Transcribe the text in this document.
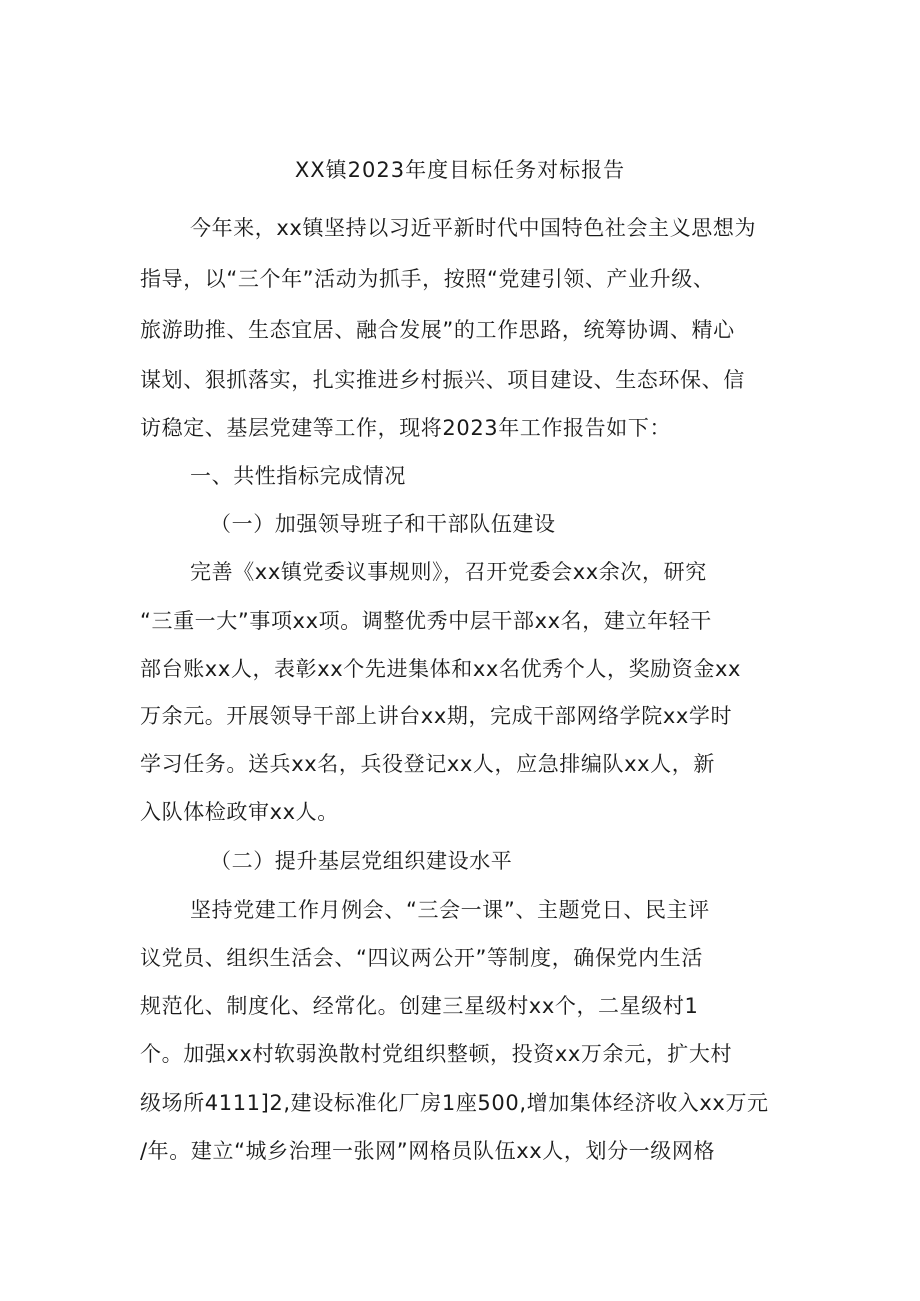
XX镇2023年度目标任务对标报告
今年来，xx镇坚持以习近平新时代中国特色社会主义思想为
指导，以“三个年”活动为抓手，按照“党建引领、产业升级、
旅游助推、生态宜居、融合发展”的工作思路，统筹协调、精心
谋划、狠抓落实，扎实推进乡村振兴、项目建设、生态环保、信
访稳定、基层党建等工作，现将2023年工作报告如下：
一、共性指标完成情况
（一）加强领导班子和干部队伍建设
完善《xx镇党委议事规则》，召开党委会xx余次，研究
“三重一大”事项xx项。调整优秀中层干部xx名，建立年轻干
部台账xx人，表彰xx个先进集体和xx名优秀个人，奖励资金xx
万余元。开展领导干部上讲台xx期，完成干部网络学院xx学时
学习任务。送兵xx名，兵役登记xx人，应急排编队xx人，新
入队体检政审xx人。
（二）提升基层党组织建设水平
坚持党建工作月例会、“三会一课”、主题党日、民主评
议党员、组织生活会、“四议两公开”等制度，确保党内生活
规范化、制度化、经常化。创建三星级村xx个，二星级村1
个。加强xx村软弱涣散村党组织整顿，投资xx万余元，扩大村
级场所4111]2,建设标准化厂房1座500,增加集体经济收入xx万元
/年。建立“城乡治理一张网”网格员队伍xx人，划分一级网格
